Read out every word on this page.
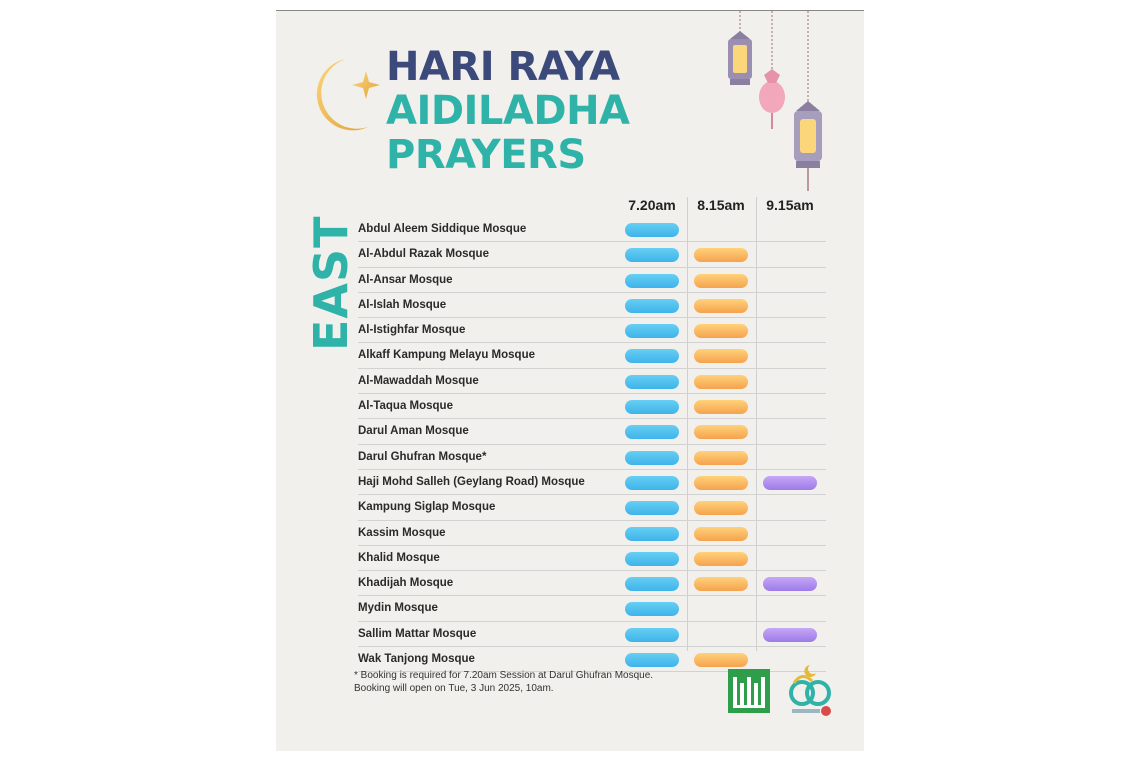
HARI RAYA
AIDILADHA
PRAYERS
EAST
7.20am	8.15am	9.15am
Abdul Aleem Siddique Mosque
Al-Abdul Razak Mosque
Al-Ansar Mosque
Al-Islah Mosque
Al-Istighfar Mosque
Alkaff Kampung Melayu Mosque
Al-Mawaddah Mosque
Al-Taqua Mosque
Darul Aman Mosque
Darul Ghufran Mosque*
Haji Mohd Salleh (Geylang Road) Mosque
Kampung Siglap Mosque
Kassim Mosque
Khalid Mosque
Khadijah Mosque
Mydin Mosque
Sallim Mattar Mosque
Wak Tanjong Mosque
* Booking is required for 7.20am Session at Darul Ghufran Mosque.
Booking will open on Tue, 3 Jun 2025, 10am.
